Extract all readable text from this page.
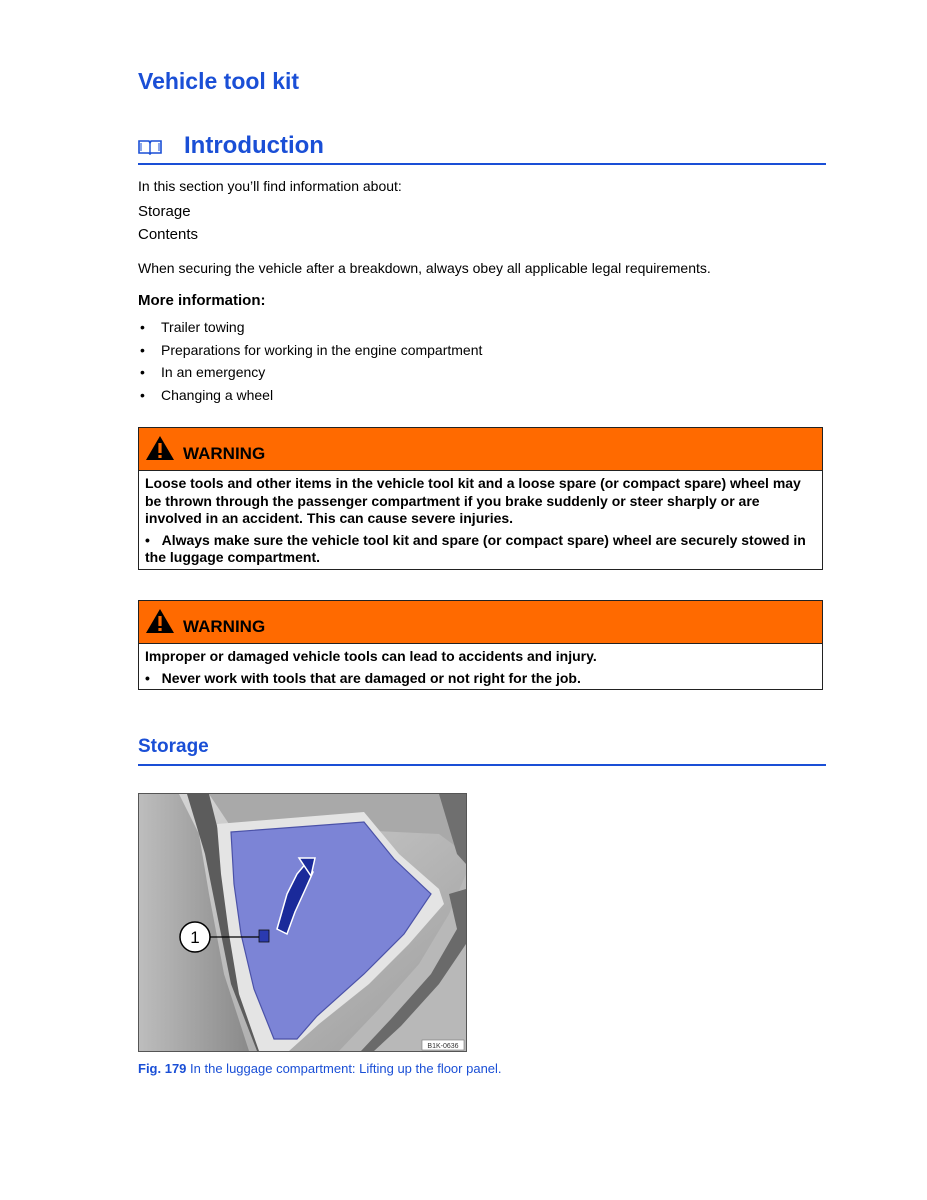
Vehicle tool kit
Introduction
In this section you’ll find information about:
Storage
Contents
When securing the vehicle after a breakdown, always obey all applicable legal requirements.
More information:
• Trailer towing
• Preparations for working in the engine compartment
• In an emergency
• Changing a wheel
WARNING
Loose tools and other items in the vehicle tool kit and a loose spare (or compact spare) wheel may be thrown through the passenger compartment if you brake suddenly or steer sharply or are involved in an accident. This can cause severe injuries.
• Always make sure the vehicle tool kit and spare (or compact spare) wheel are securely stowed in the luggage compartment.
WARNING
Improper or damaged vehicle tools can lead to accidents and injury.
• Never work with tools that are damaged or not right for the job.
Storage
1
B1K-0636
Fig. 179 In the luggage compartment: Lifting up the floor panel.
